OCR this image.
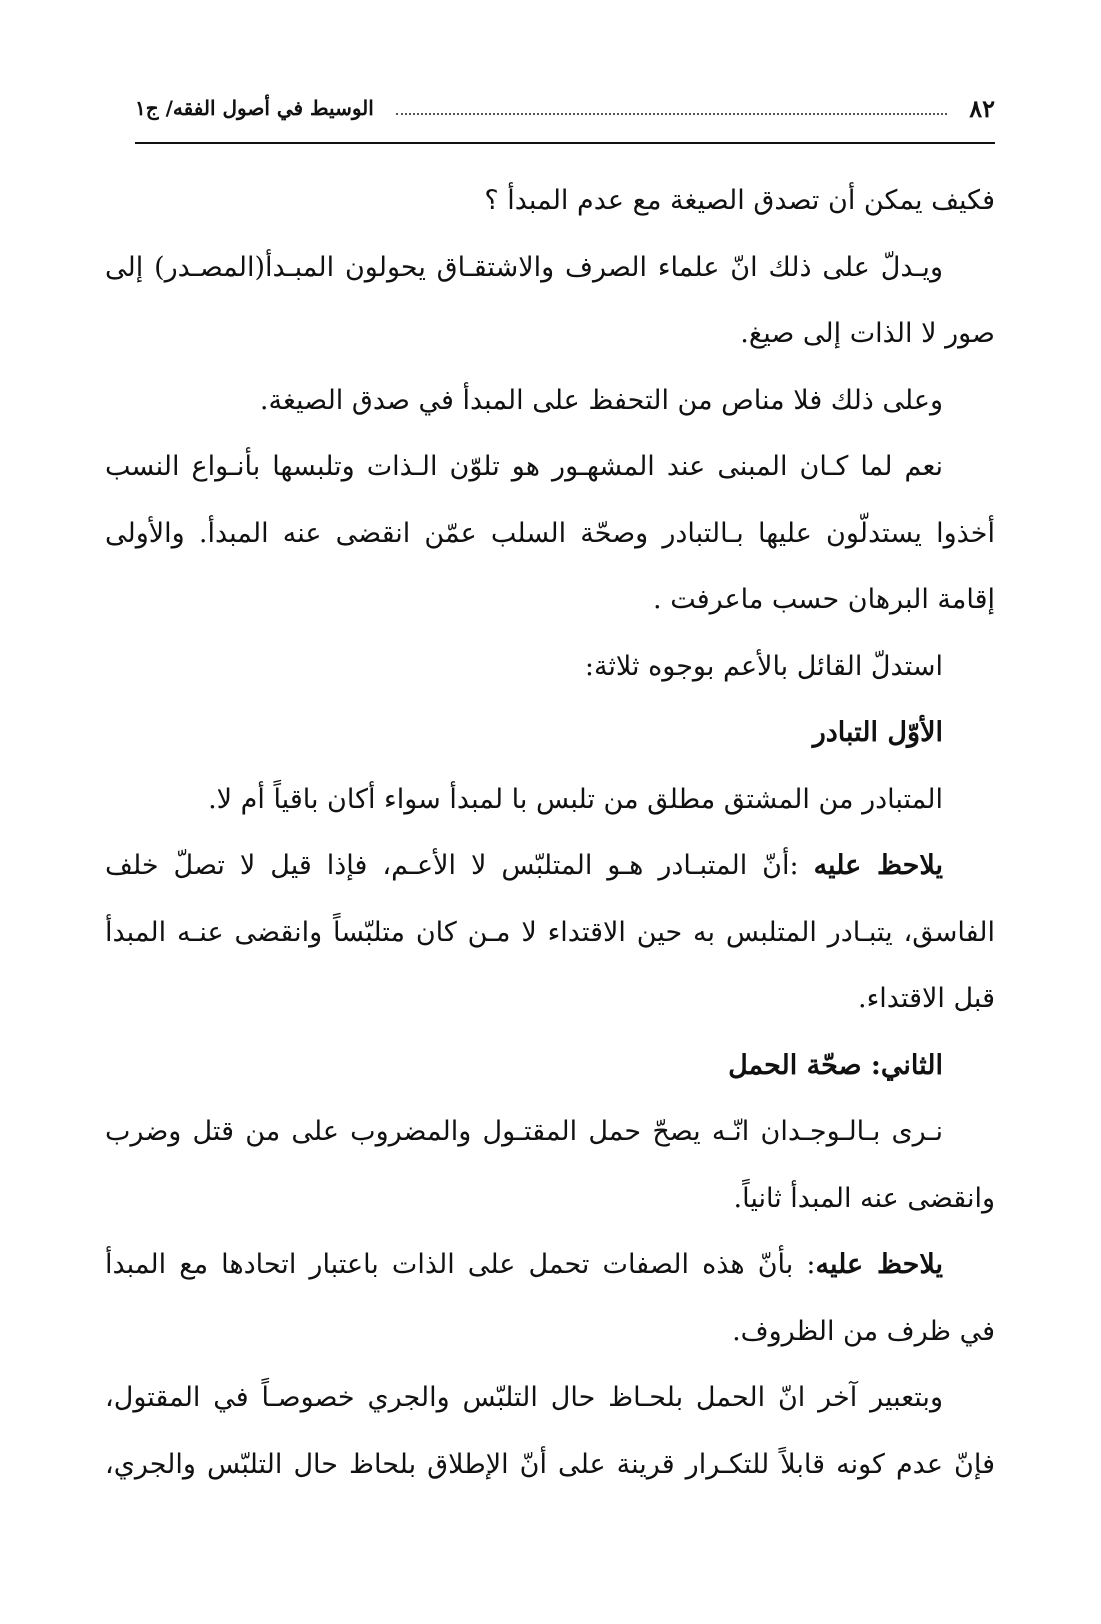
٨٢
الوسيط في أصول الفقه/ ج١
فكيف يمكن أن تصدق الصيغة مع عدم المبدأ ؟
ويـدلّ على ذلك انّ علماء الصرف والاشتقـاق يحولون المبـدأ(المصـدر) إلى
صور لا الذات إلى صيغ.
وعلى ذلك فلا مناص من التحفظ على المبدأ في صدق الصيغة.
نعم لما كـان المبنى عند المشهـور هو تلوّن الـذات وتلبسها بأنـواع النسب
أخذوا يستدلّون عليها بـالتبادر وصحّة السلب عمّن انقضى عنه المبدأ. والأولى
إقامة البرهان حسب ماعرفت .
استدلّ القائل بالأعم بوجوه ثلاثة:
الأوّل التبادر
المتبادر من المشتق مطلق من تلبس با لمبدأ سواء أكان باقياً أم لا.
يلاحظ عليه :أنّ المتبـادر هـو المتلبّس لا الأعـم، فإذا قيل لا تصلّ خلف
الفاسق، يتبـادر المتلبس به حين الاقتداء لا مـن كان متلبّساً وانقضى عنـه المبدأ
قبل الاقتداء.
الثاني: صحّة الحمل
نـرى بـالـوجـدان انّـه يصحّ حمل المقتـول والمضروب على من قتل وضرب
وانقضى عنه المبدأ ثانياً.
يلاحظ عليه: بأنّ هذه الصفات تحمل على الذات باعتبار اتحادها مع المبدأ
في ظرف من الظروف.
وبتعبير آخر انّ الحمل بلحـاظ حال التلبّس والجري خصوصـاً في المقتول،
فإنّ عدم كونه قابلاً للتكـرار قرينة على أنّ الإطلاق بلحاظ حال التلبّس والجري،
